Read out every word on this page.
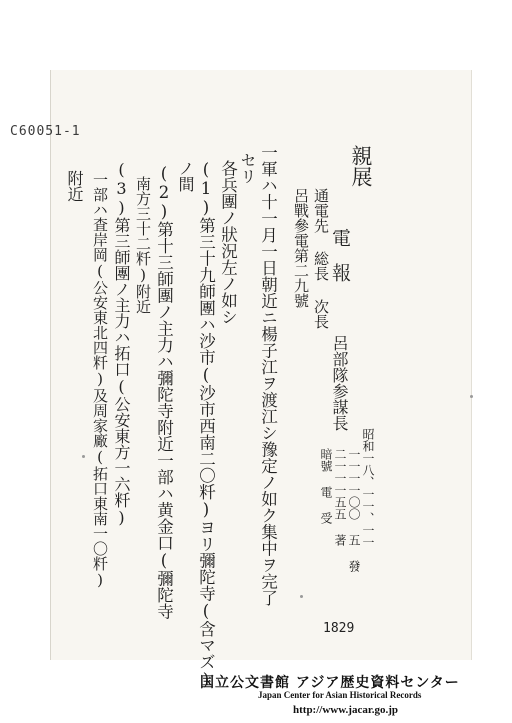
C60051-1
親展
電報
通電先 総長 次長
呂戰參電第二九號
呂部隊参謀長
昭和一八、一一、一一
一一一一〇〇 五 發
二一一一五五 著
暗號 電 受
一軍ハ十一月一日朝近ニ楊子江ヲ渡江シ豫定ノ如ク集中ヲ完了
セリ
各兵團ノ狀況左ノ如シ
(1)第三十九師團ハ沙市(沙市西南二〇粁)ヨリ彌陀寺(含マズ)
ノ間
(2)第十三師團ノ主力ハ彌陀寺附近一部ハ黄金口(彌陀寺
南方三十二粁)附近
(3)第三師團ノ主力ハ拓口(公安東方一六粁)
一部ハ査岸岡(公安東北四粁)及周家廠(拓口東南一〇粁)
附近
1829
国立公文書館 アジア歴史資料センター
Japan Center for Asian Historical Records
http://www.jacar.go.jp
